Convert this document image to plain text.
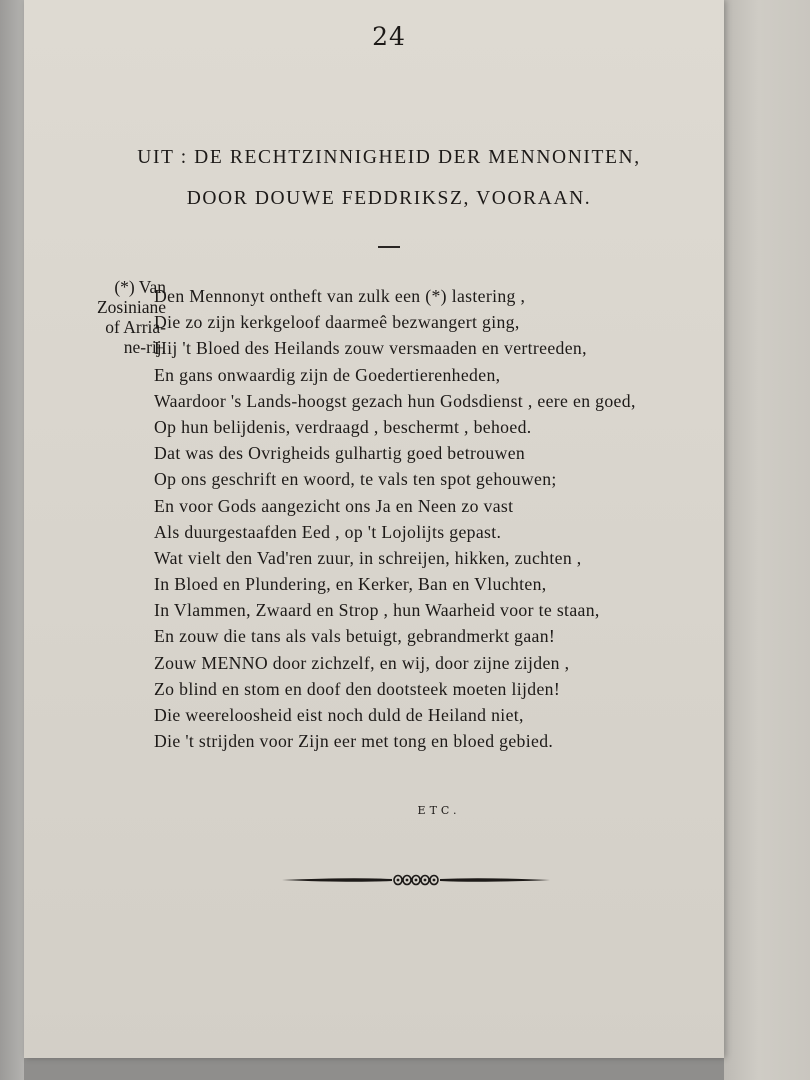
24
UIT : DE RECHTZINNIGHEID DER MENNONITEN,
DOOR DOUWE FEDDRIKSZ, VOORAAN.
(*) Van
Zosiniane
of Arria-
ne-rij.
Den Mennonyt ontheft van zulk een (*) lastering ,
Die zo zijn kerkgeloof daarmeê bezwangert ging,
Hij 't Bloed des Heilands zouw versmaaden en vertreeden,
En gans onwaardig zijn de Goedertierenheden,
Waardoor 's Lands-hoogst gezach hun Godsdienst , eere en goed,
Op hun belijdenis, verdraagd , beschermt , behoed.
Dat was des Ovrigheids gulhartig goed betrouwen
Op ons geschrift en woord, te vals ten spot gehouwen;
En voor Gods aangezicht ons Ja en Neen zo vast
Als duurgestaafden Eed , op 't Lojolijts gepast.
Wat vielt den Vad'ren zuur, in schreijen, hikken, zuchten ,
In Bloed en Plundering, en Kerker, Ban en Vluchten,
In Vlammen, Zwaard en Strop , hun Waarheid voor te staan,
En zouw die tans als vals betuigt, gebrandmerkt gaan!
Zouw MENNO door zichzelf, en wij, door zijne zijden ,
Zo blind en stom en doof den dootsteek moeten lijden!
Die weereloosheid eist noch duld de Heiland niet,
Die 't strijden voor Zijn eer met tong en bloed gebied.
ETC.
